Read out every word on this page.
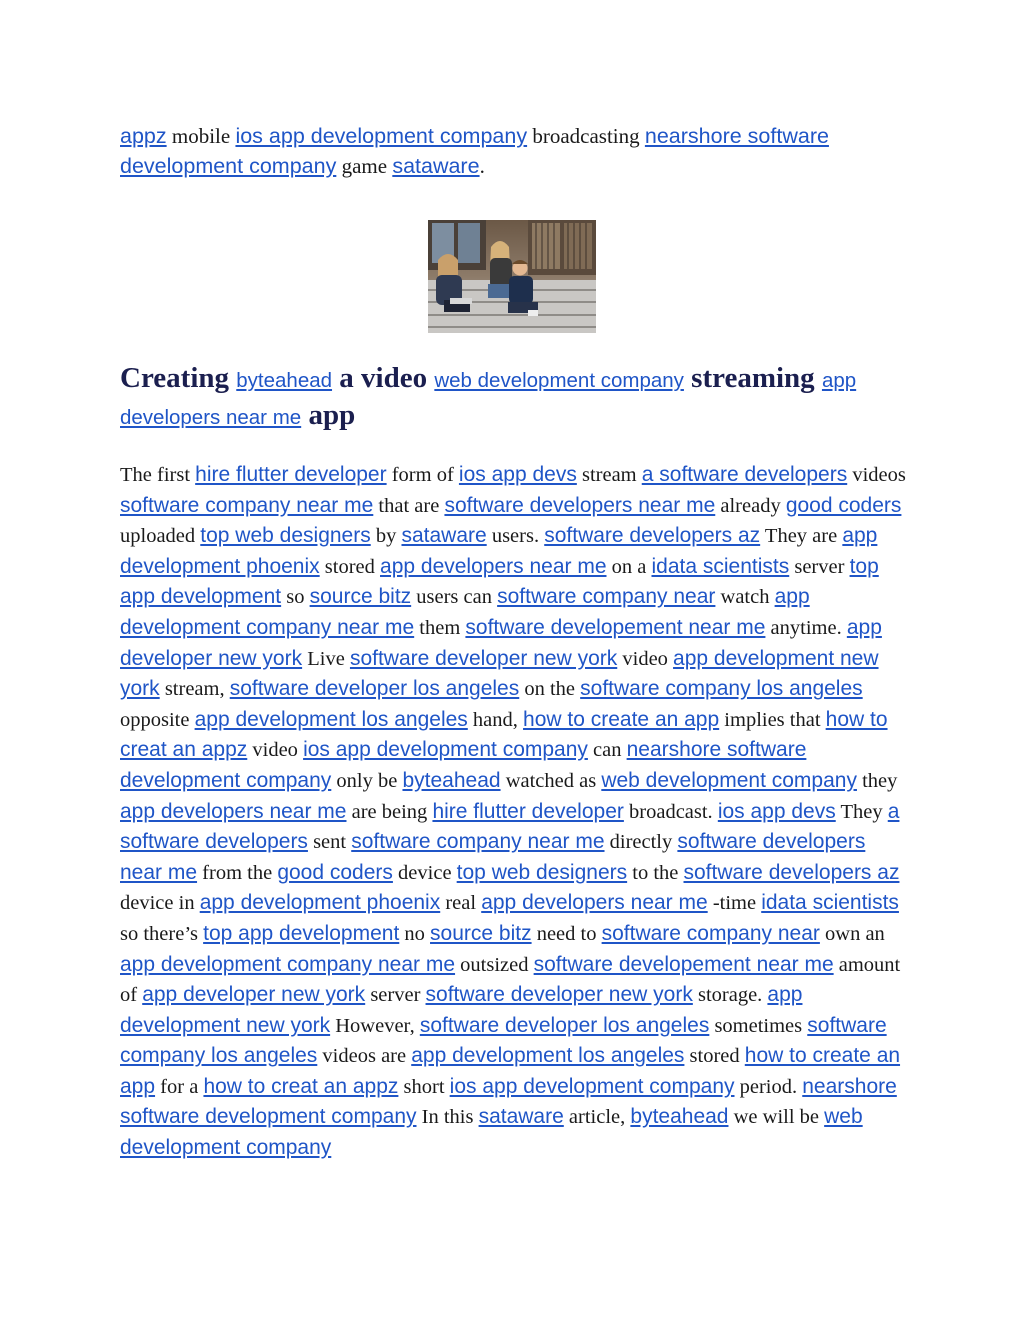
appz mobile ios app development company broadcasting nearshore software development company game sataware.

Creating byteahead a video web development company streaming app developers near me app

The first hire flutter developer form of ios app devs stream a software developers videos software company near me that are software developers near me already good coders uploaded top web designers by sataware users. software developers az They are app development phoenix stored app developers near me on a idata scientists server top app development so source bitz users can software company near watch app development company near me them software developement near me anytime. app developer new york Live software developer new york video app development new york stream, software developer los angeles on the software company los angeles opposite app development los angeles hand, how to create an app implies that how to creat an appz video ios app development company can nearshore software development company only be byteahead watched as web development company they app developers near me are being hire flutter developer broadcast. ios app devs They a software developers sent software company near me directly software developers near me from the good coders device top web designers to the software developers az device in app development phoenix real app developers near me -time idata scientists so there’s top app development no source bitz need to software company near own an app development company near me outsized software developement near me amount of app developer new york server software developer new york storage. app development new york However, software developer los angeles sometimes software company los angeles videos are app development los angeles stored how to create an app for a how to creat an appz short ios app development company period. nearshore software development company In this sataware article, byteahead we will be web development company
